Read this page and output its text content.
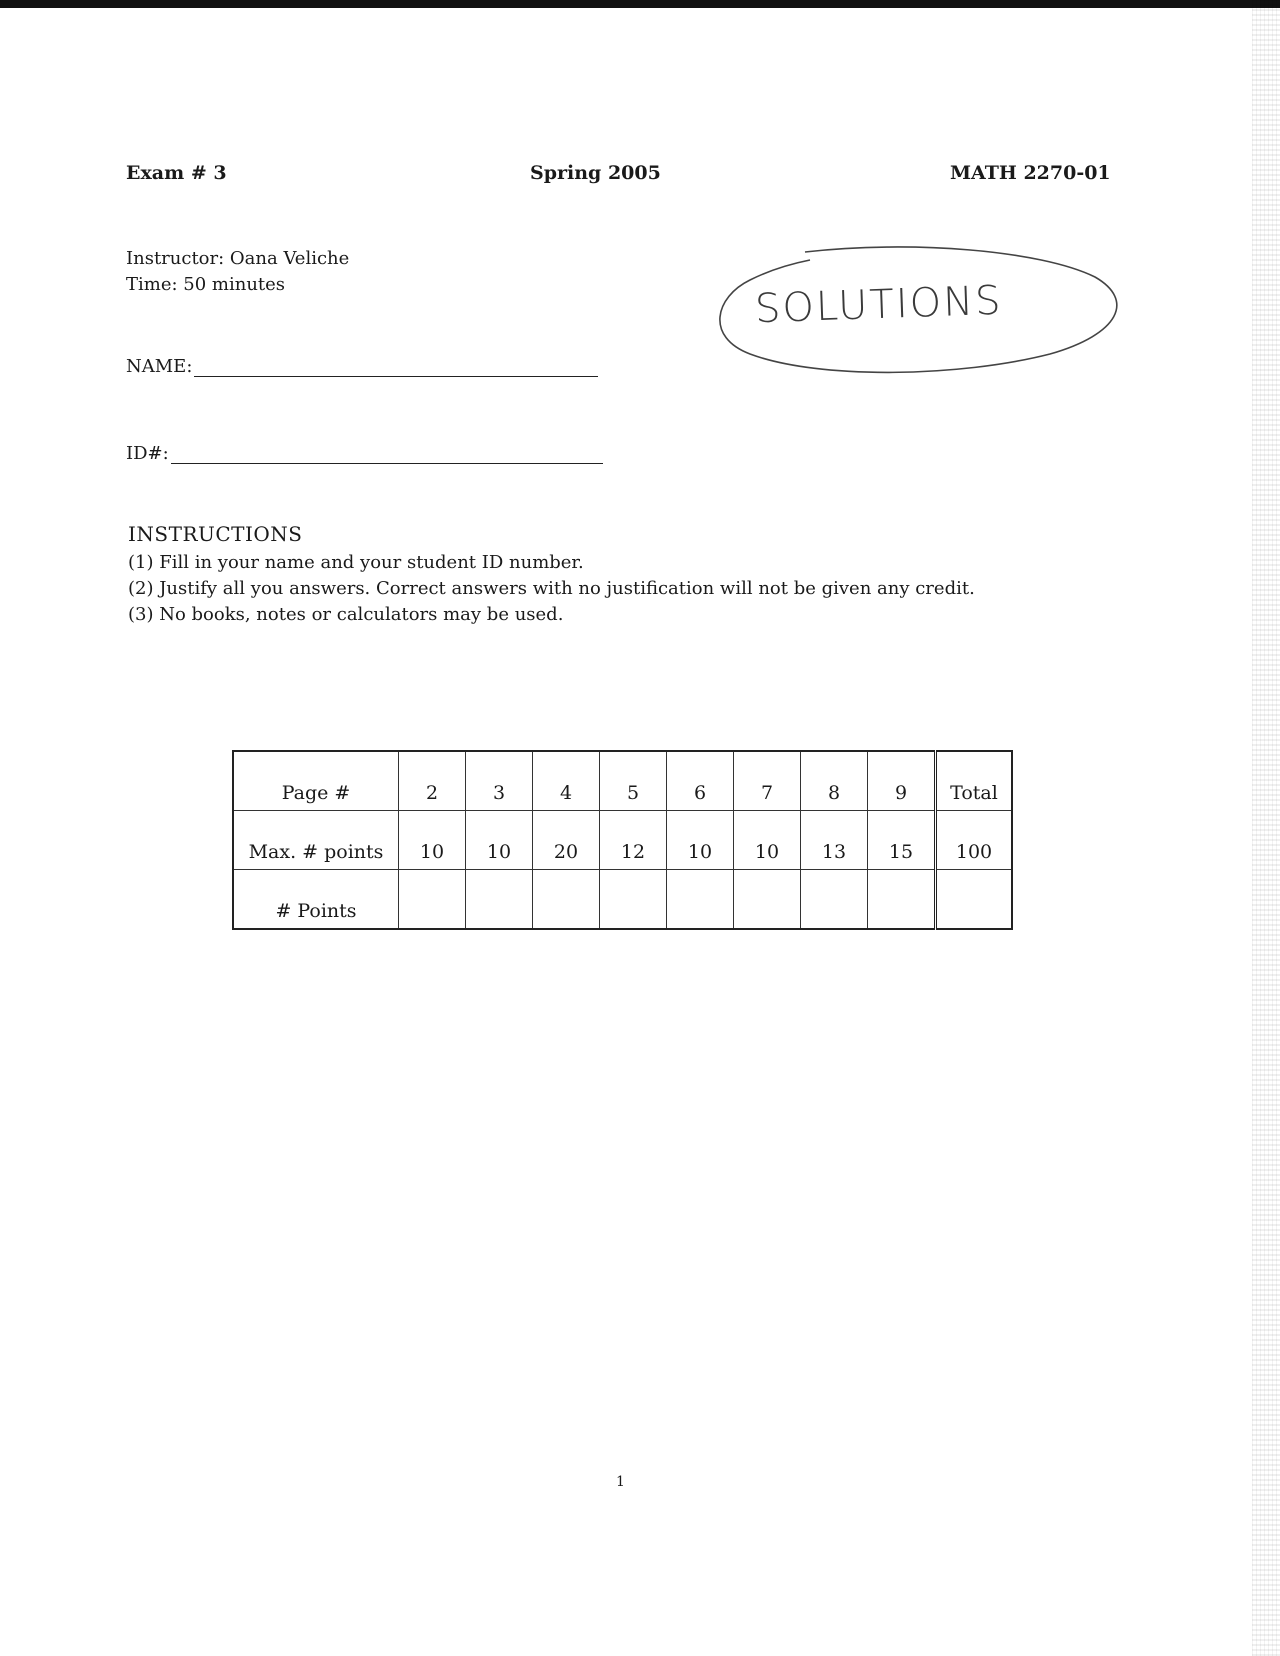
Exam # 3	Spring 2005	MATH 2270-01
Instructor: Oana Veliche
Time: 50 minutes	SOLUTIONS
NAME:
ID#:
INSTRUCTIONS
(1) Fill in your name and your student ID number.
(2) Justify all you answers. Correct answers with no justification will not be given any credit.
(3) No books, notes or calculators may be used.
Page #	2	3	4	5	6	7	8	9	Total
Max. # points	10	10	20	12	10	10	13	15	100
# Points									
1
